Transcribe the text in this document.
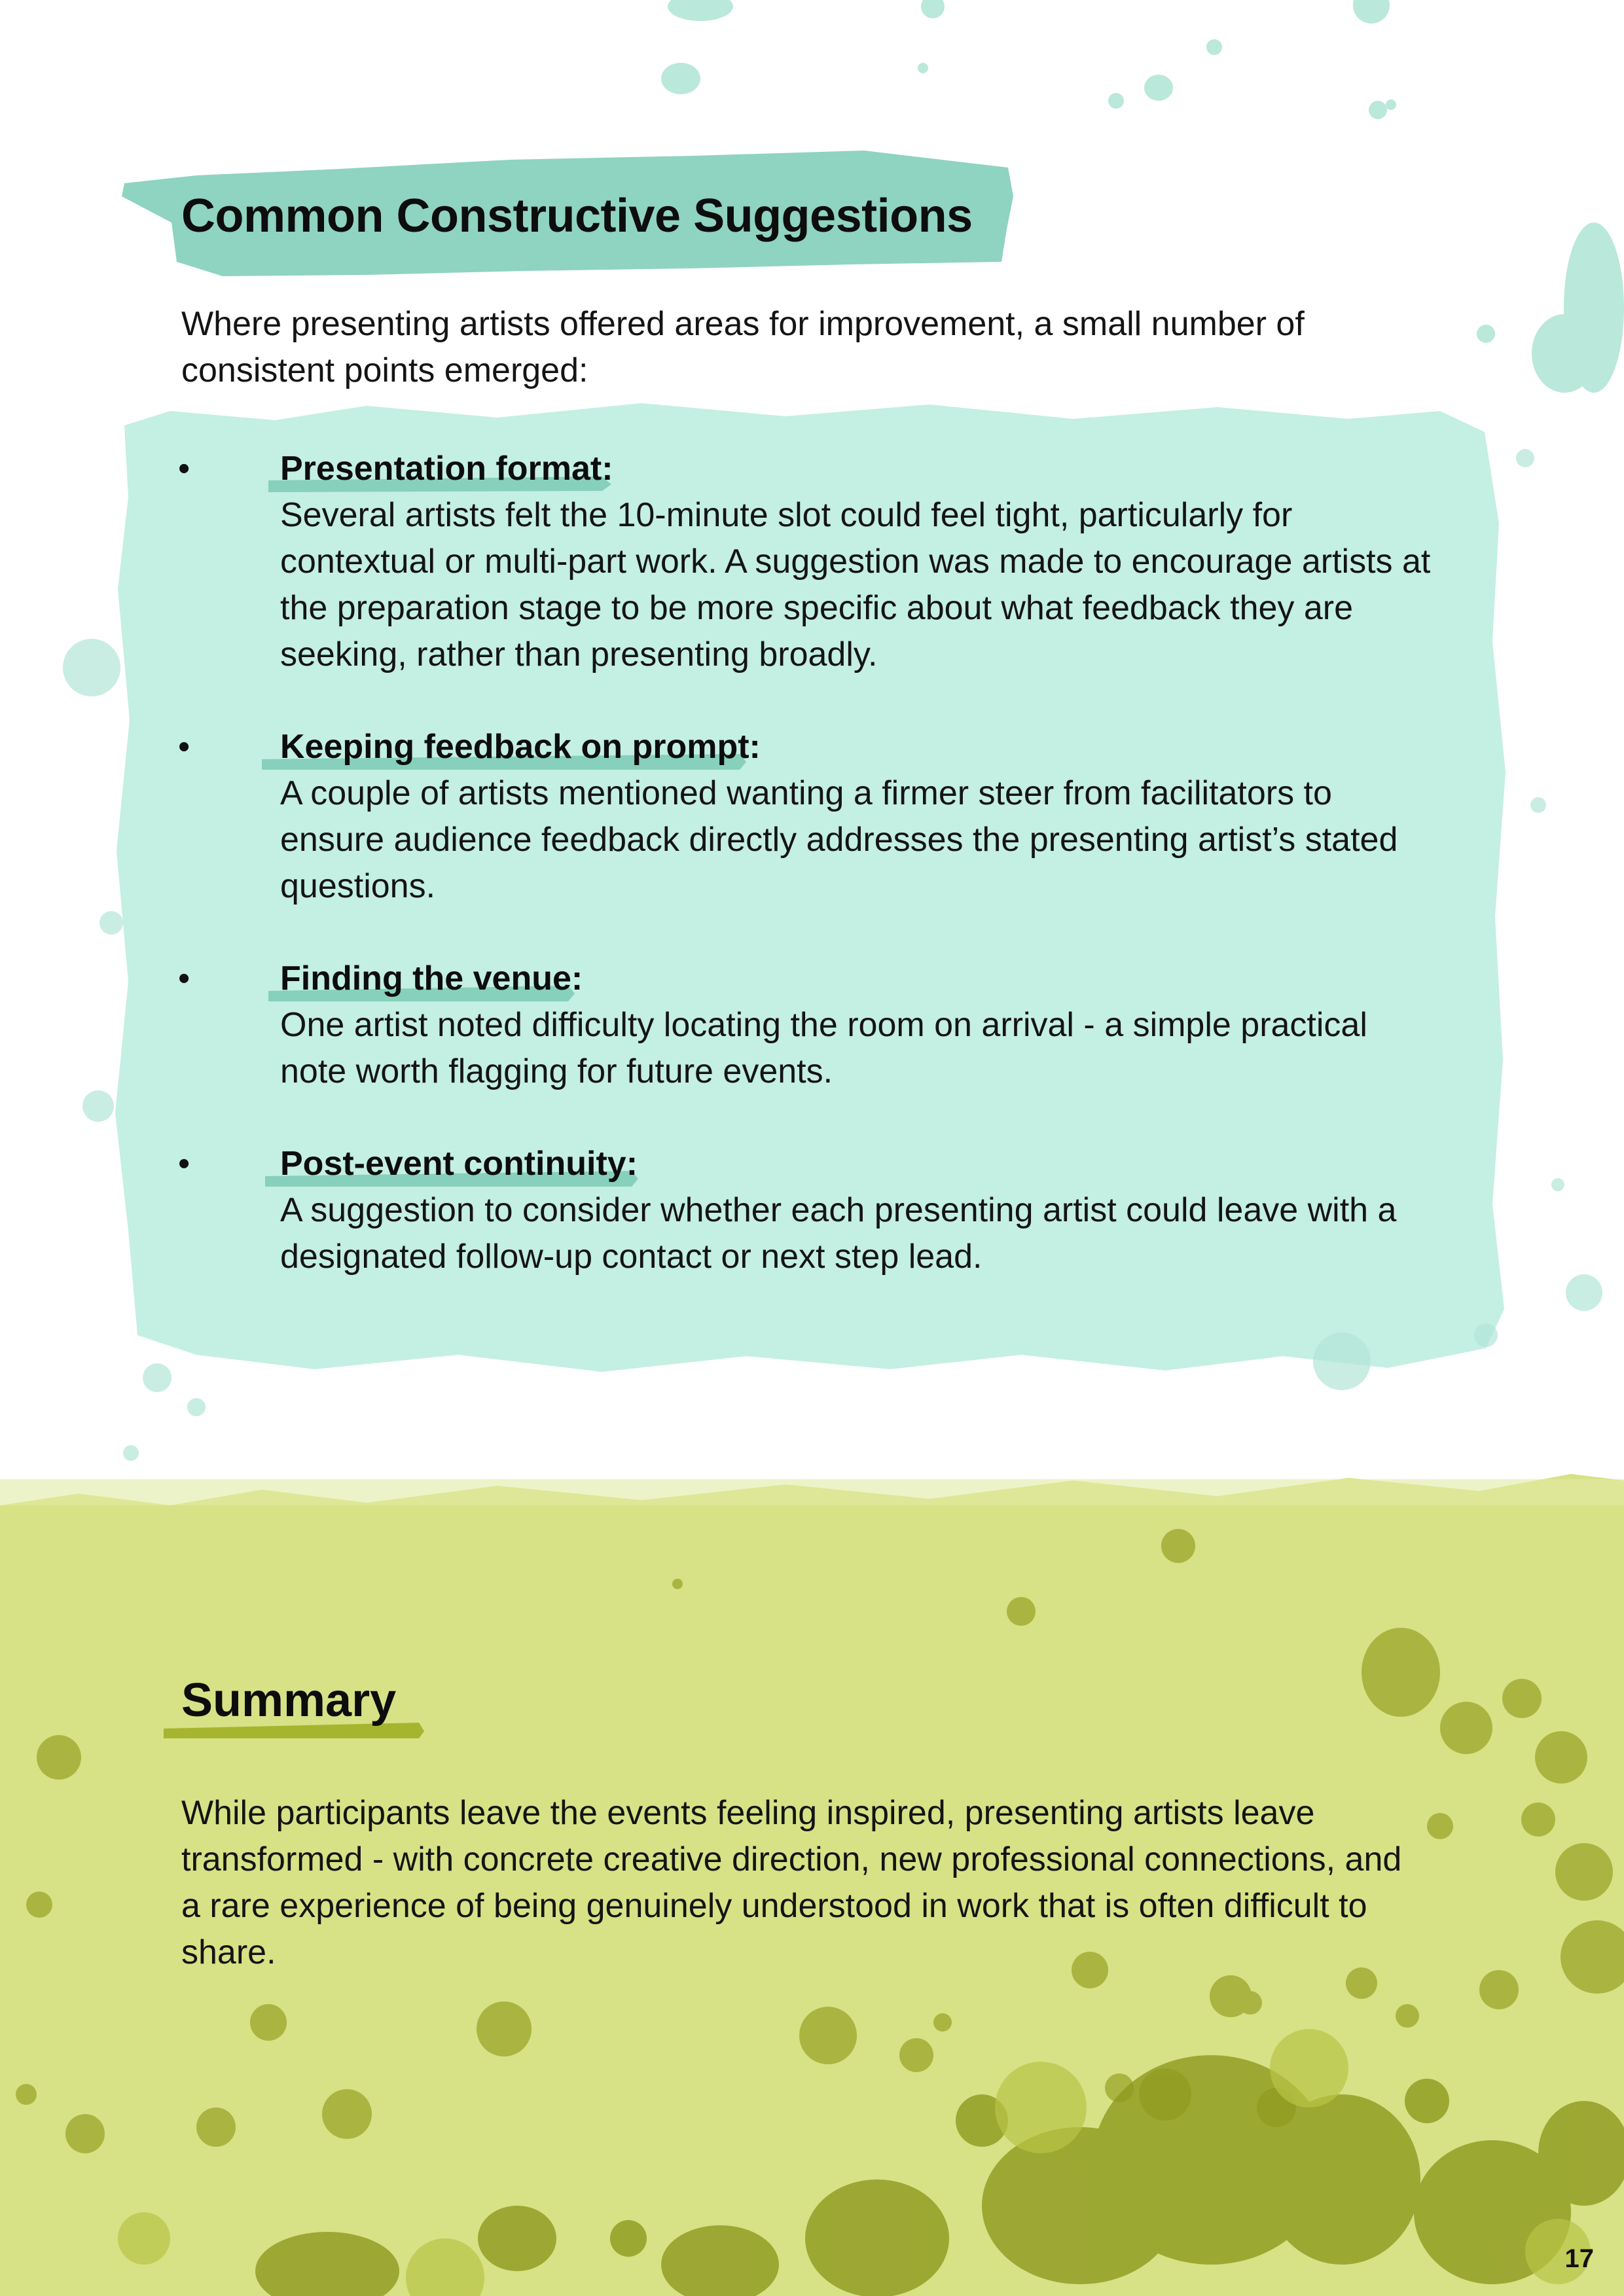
Common Constructive Suggestions

Where presenting artists offered areas for improvement, a small number of consistent points emerged:

•	Presentation format:

Several artists felt the 10-minute slot could feel tight, particularly for contextual or multi-part work. A suggestion was made to encourage artists at the preparation stage to be more specific about what feedback they are seeking, rather than presenting broadly.

•	Keeping feedback on prompt:

A couple of artists mentioned wanting a firmer steer from facilitators to ensure audience feedback directly addresses the presenting artist’s stated questions.

•	Finding the venue:

One artist noted difficulty locating the room on arrival - a simple practical note worth flagging for future events.

•	Post-event continuity:

A suggestion to consider whether each presenting artist could leave with a designated follow-up contact or next step lead.

Summary

While participants leave the events feeling inspired, presenting artists leave transformed - with concrete creative direction, new professional connections, and a rare experience of being genuinely understood in work that is often difficult to share.

17
